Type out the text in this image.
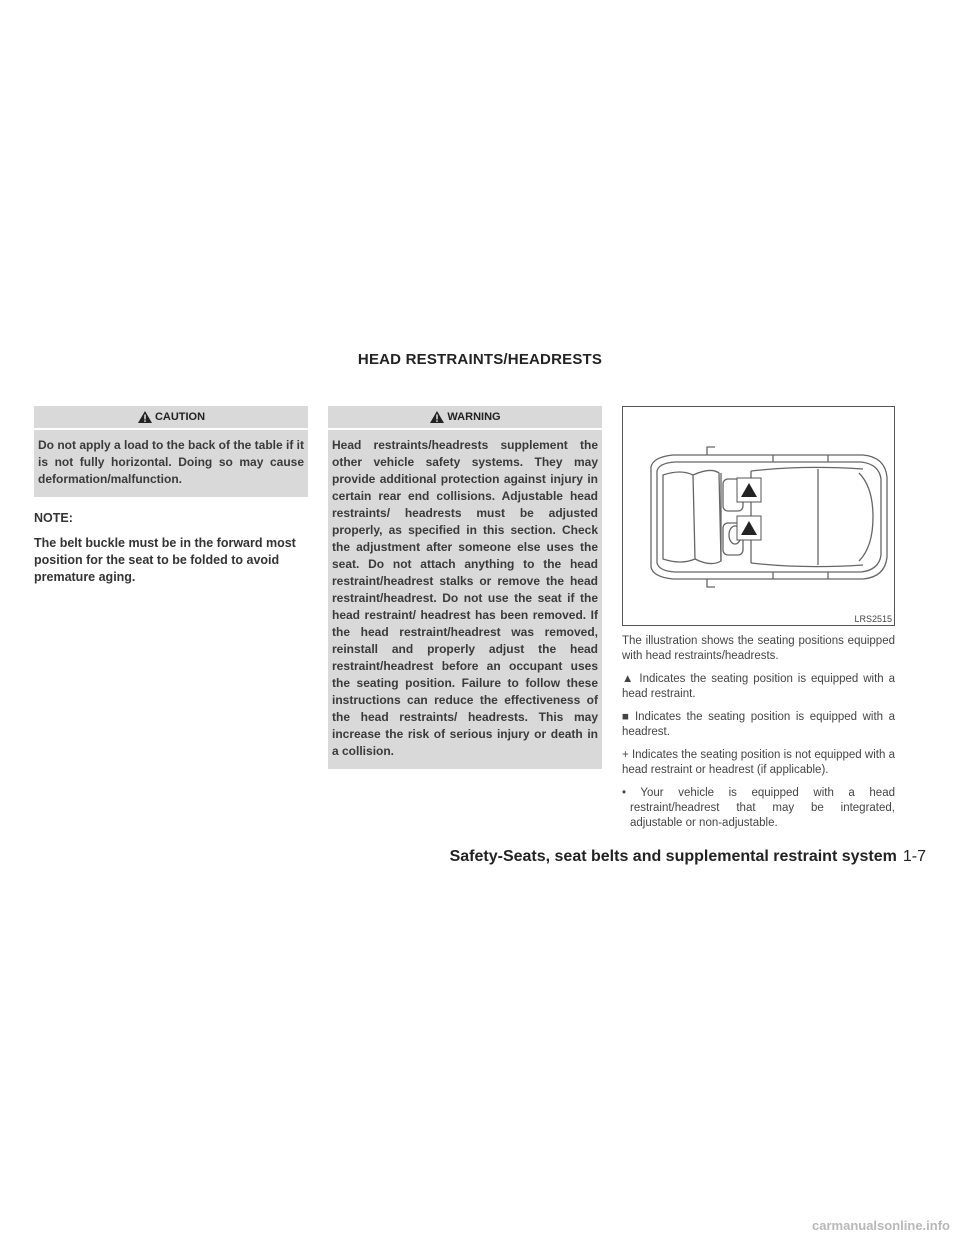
HEAD RESTRAINTS/HEADRESTS
CAUTION
Do not apply a load to the back of the table if it is not fully horizontal. Doing so may cause deformation/malfunction.
NOTE:
The belt buckle must be in the forward most position for the seat to be folded to avoid premature aging.
WARNING
Head restraints/headrests supplement the other vehicle safety systems. They may provide additional protection against injury in certain rear end collisions. Adjustable head restraints/ headrests must be adjusted properly, as specified in this section. Check the adjustment after someone else uses the seat. Do not attach anything to the head restraint/headrest stalks or remove the head restraint/headrest. Do not use the seat if the head restraint/ headrest has been removed. If the head restraint/headrest was removed, reinstall and properly adjust the head restraint/headrest before an occupant uses the seating position. Failure to follow these instructions can reduce the effectiveness of the head restraints/ headrests. This may increase the risk of serious injury or death in a collision.
LRS2515

The illustration shows the seating positions equipped with head restraints/headrests.

▲ Indicates the seating position is equipped with a head restraint.

■ Indicates the seating position is equipped with a headrest.

+ Indicates the seating position is not equipped with a head restraint or headrest (if applicable).

• Your vehicle is equipped with a head restraint/headrest that may be integrated, adjustable or non-adjustable.

Safety-Seats, seat belts and supplemental restraint system 1-7
carmanualsonline.info
